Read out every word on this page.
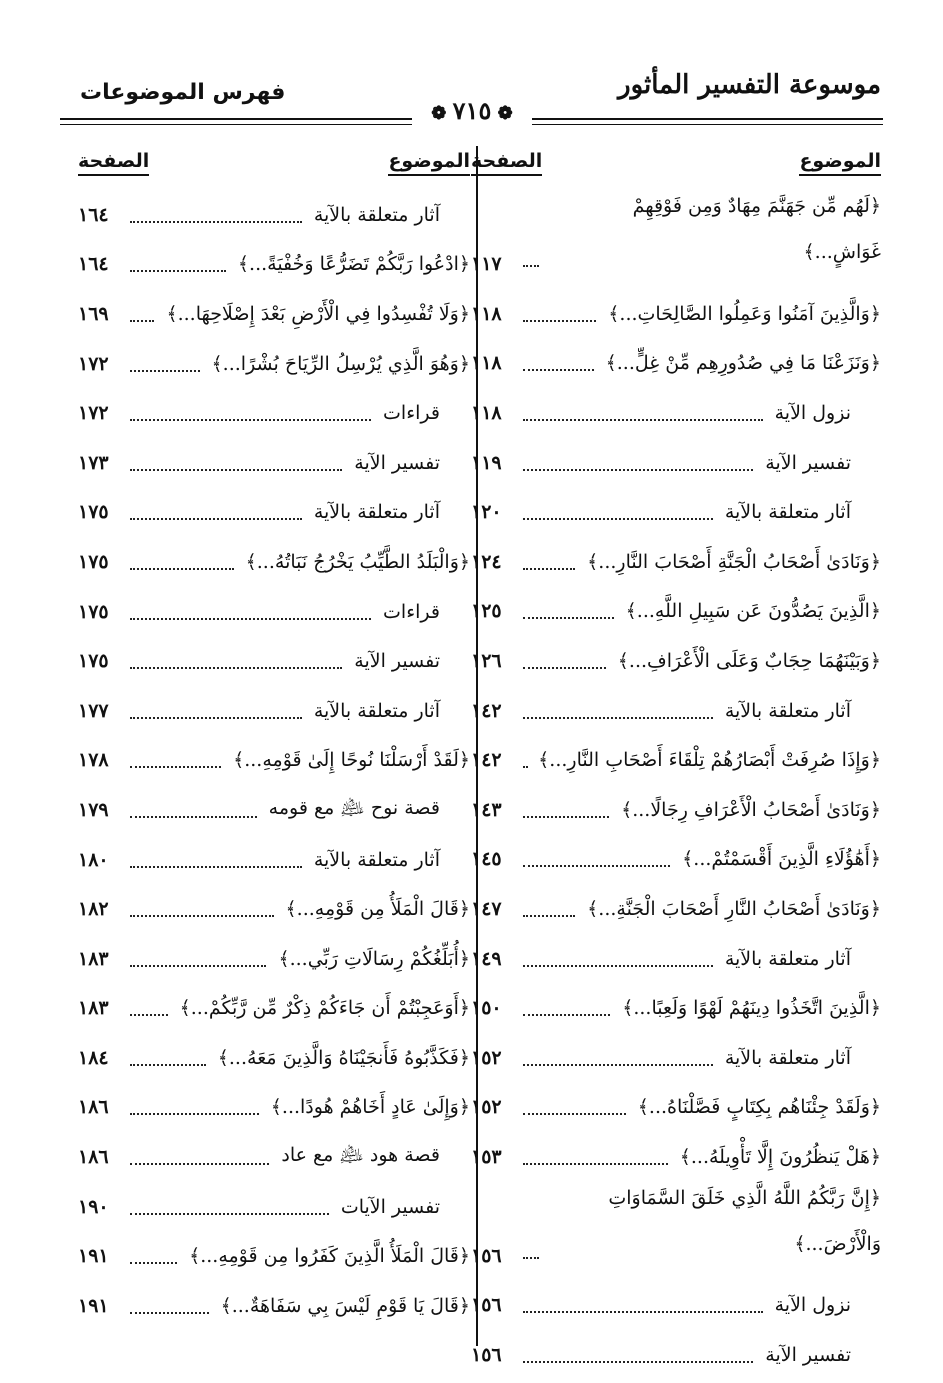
موسوعة التفسير المأثور
فهرس الموضوعات
❁ ٧١٥ ❁
الموضوع
الصفحة
﴿لَهُم مِّن جَهَنَّمَ مِهَادٌ وَمِن فَوْقِهِمْ غَوَاشٍ...﴾
١١٧
﴿وَالَّذِينَ آمَنُوا وَعَمِلُوا الصَّالِحَاتِ...﴾
١١٨
﴿وَنَزَعْنَا مَا فِي صُدُورِهِم مِّنْ غِلٍّ...﴾
١١٨
نزول الآية
١١٨
تفسير الآية
١١٩
آثار متعلقة بالآية
١٢٠
﴿وَنَادَىٰ أَصْحَابُ الْجَنَّةِ أَصْحَابَ النَّارِ...﴾
١٢٤
﴿الَّذِينَ يَصُدُّونَ عَن سَبِيلِ اللَّهِ...﴾
١٢٥
﴿وَبَيْنَهُمَا حِجَابٌ وَعَلَى الْأَعْرَافِ...﴾
١٢٦
آثار متعلقة بالآية
١٤٢
﴿وَإِذَا صُرِفَتْ أَبْصَارُهُمْ تِلْقَاءَ أَصْحَابِ النَّارِ...﴾
١٤٢
﴿وَنَادَىٰ أَصْحَابُ الْأَعْرَافِ رِجَالًا...﴾
١٤٣
﴿أَهَٰؤُلَاءِ الَّذِينَ أَقْسَمْتُمْ...﴾
١٤٥
﴿وَنَادَىٰ أَصْحَابُ النَّارِ أَصْحَابَ الْجَنَّةِ...﴾
١٤٧
آثار متعلقة بالآية
١٤٩
﴿الَّذِينَ اتَّخَذُوا دِينَهُمْ لَهْوًا وَلَعِبًا...﴾
١٥٠
آثار متعلقة بالآية
١٥٢
﴿وَلَقَدْ جِئْنَاهُم بِكِتَابٍ فَصَّلْنَاهُ...﴾
١٥٢
﴿هَلْ يَنظُرُونَ إِلَّا تَأْوِيلَهُ...﴾
١٥٣
﴿إِنَّ رَبَّكُمُ اللَّهُ الَّذِي خَلَقَ السَّمَاوَاتِ وَالْأَرْضَ...﴾
١٥٦
نزول الآية
١٥٦
تفسير الآية
١٥٦
الموضوع
الصفحة
آثار متعلقة بالآية
١٦٤
﴿ادْعُوا رَبَّكُمْ تَضَرُّعًا وَخُفْيَةً...﴾
١٦٤
﴿وَلَا تُفْسِدُوا فِي الْأَرْضِ بَعْدَ إِصْلَاحِهَا...﴾
١٦٩
﴿وَهُوَ الَّذِي يُرْسِلُ الرِّيَاحَ بُشْرًا...﴾
١٧٢
قراءات
١٧٢
تفسير الآية
١٧٣
آثار متعلقة بالآية
١٧٥
﴿وَالْبَلَدُ الطَّيِّبُ يَخْرُجُ نَبَاتُهُ...﴾
١٧٥
قراءات
١٧٥
تفسير الآية
١٧٥
آثار متعلقة بالآية
١٧٧
﴿لَقَدْ أَرْسَلْنَا نُوحًا إِلَىٰ قَوْمِهِ...﴾
١٧٨
قصة نوح ﵇ مع قومه
١٧٩
آثار متعلقة بالآية
١٨٠
﴿قَالَ الْمَلَأُ مِن قَوْمِهِ...﴾
١٨٢
﴿أُبَلِّغُكُمْ رِسَالَاتِ رَبِّي...﴾
١٨٣
﴿أَوَعَجِبْتُمْ أَن جَاءَكُمْ ذِكْرٌ مِّن رَّبِّكُمْ...﴾
١٨٣
﴿فَكَذَّبُوهُ فَأَنجَيْنَاهُ وَالَّذِينَ مَعَهُ...﴾
١٨٤
﴿وَإِلَىٰ عَادٍ أَخَاهُمْ هُودًا...﴾
١٨٦
قصة هود ﵇ مع عاد
١٨٦
تفسير الآيات
١٩٠
﴿قَالَ الْمَلَأُ الَّذِينَ كَفَرُوا مِن قَوْمِهِ...﴾
١٩١
﴿قَالَ يَا قَوْمِ لَيْسَ بِي سَفَاهَةٌ...﴾
١٩١
